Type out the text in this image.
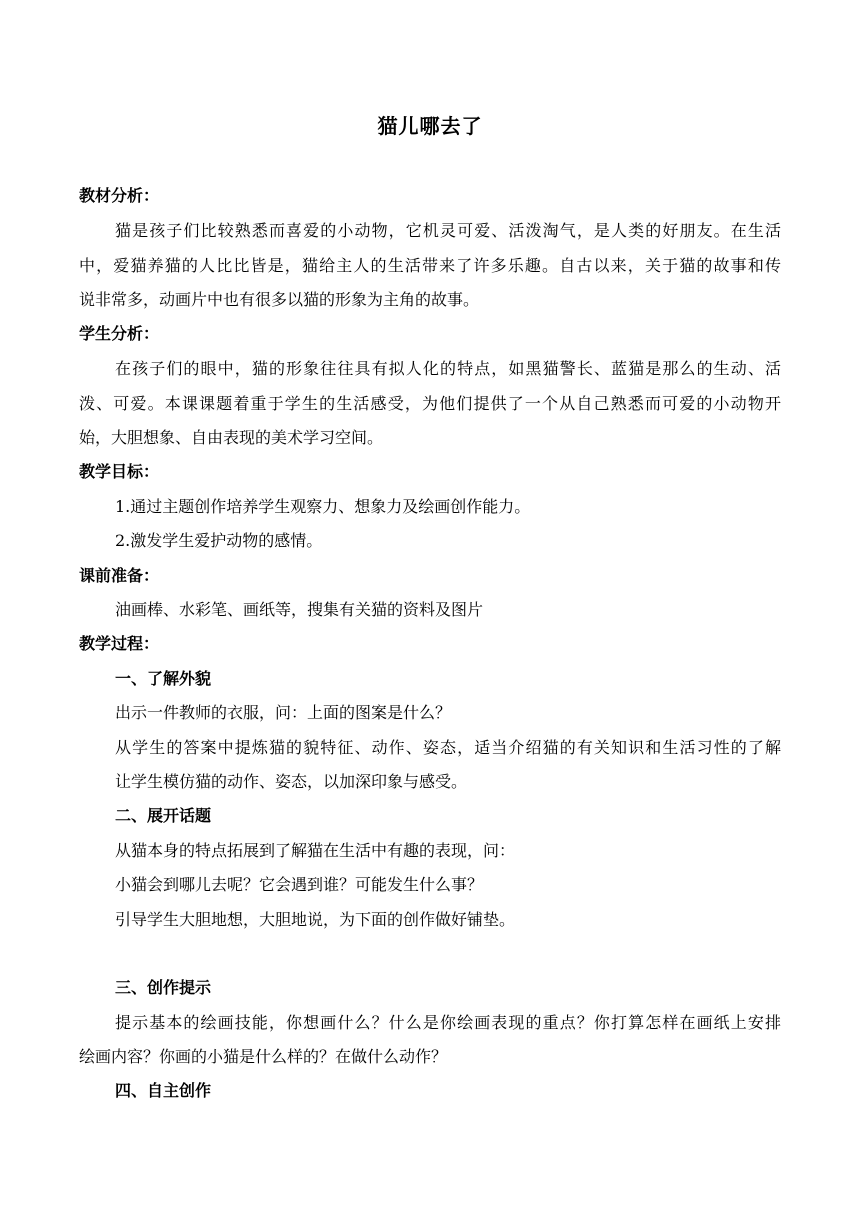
猫儿哪去了
教材分析：
猫是孩子们比较熟悉而喜爱的小动物，它机灵可爱、活泼淘气，是人类的好朋友。在生活
中，爱猫养猫的人比比皆是，猫给主人的生活带来了许多乐趣。自古以来，关于猫的故事和传
说非常多，动画片中也有很多以猫的形象为主角的故事。
学生分析：
在孩子们的眼中，猫的形象往往具有拟人化的特点，如黑猫警长、蓝猫是那么的生动、活
泼、可爱。本课课题着重于学生的生活感受，为他们提供了一个从自己熟悉而可爱的小动物开
始，大胆想象、自由表现的美术学习空间。
教学目标：
1.通过主题创作培养学生观察力、想象力及绘画创作能力。
2.激发学生爱护动物的感情。
课前准备：
油画棒、水彩笔、画纸等，搜集有关猫的资料及图片
教学过程：
一、了解外貌
出示一件教师的衣服，问：上面的图案是什么？
从学生的答案中提炼猫的貌特征、动作、姿态，适当介绍猫的有关知识和生活习性的了解
让学生模仿猫的动作、姿态，以加深印象与感受。
二、展开话题
从猫本身的特点拓展到了解猫在生活中有趣的表现，问：
小猫会到哪儿去呢？它会遇到谁？可能发生什么事？
引导学生大胆地想，大胆地说，为下面的创作做好铺垫。
三、创作提示
提示基本的绘画技能，你想画什么？什么是你绘画表现的重点？你打算怎样在画纸上安排
绘画内容？你画的小猫是什么样的？在做什么动作？
四、自主创作
